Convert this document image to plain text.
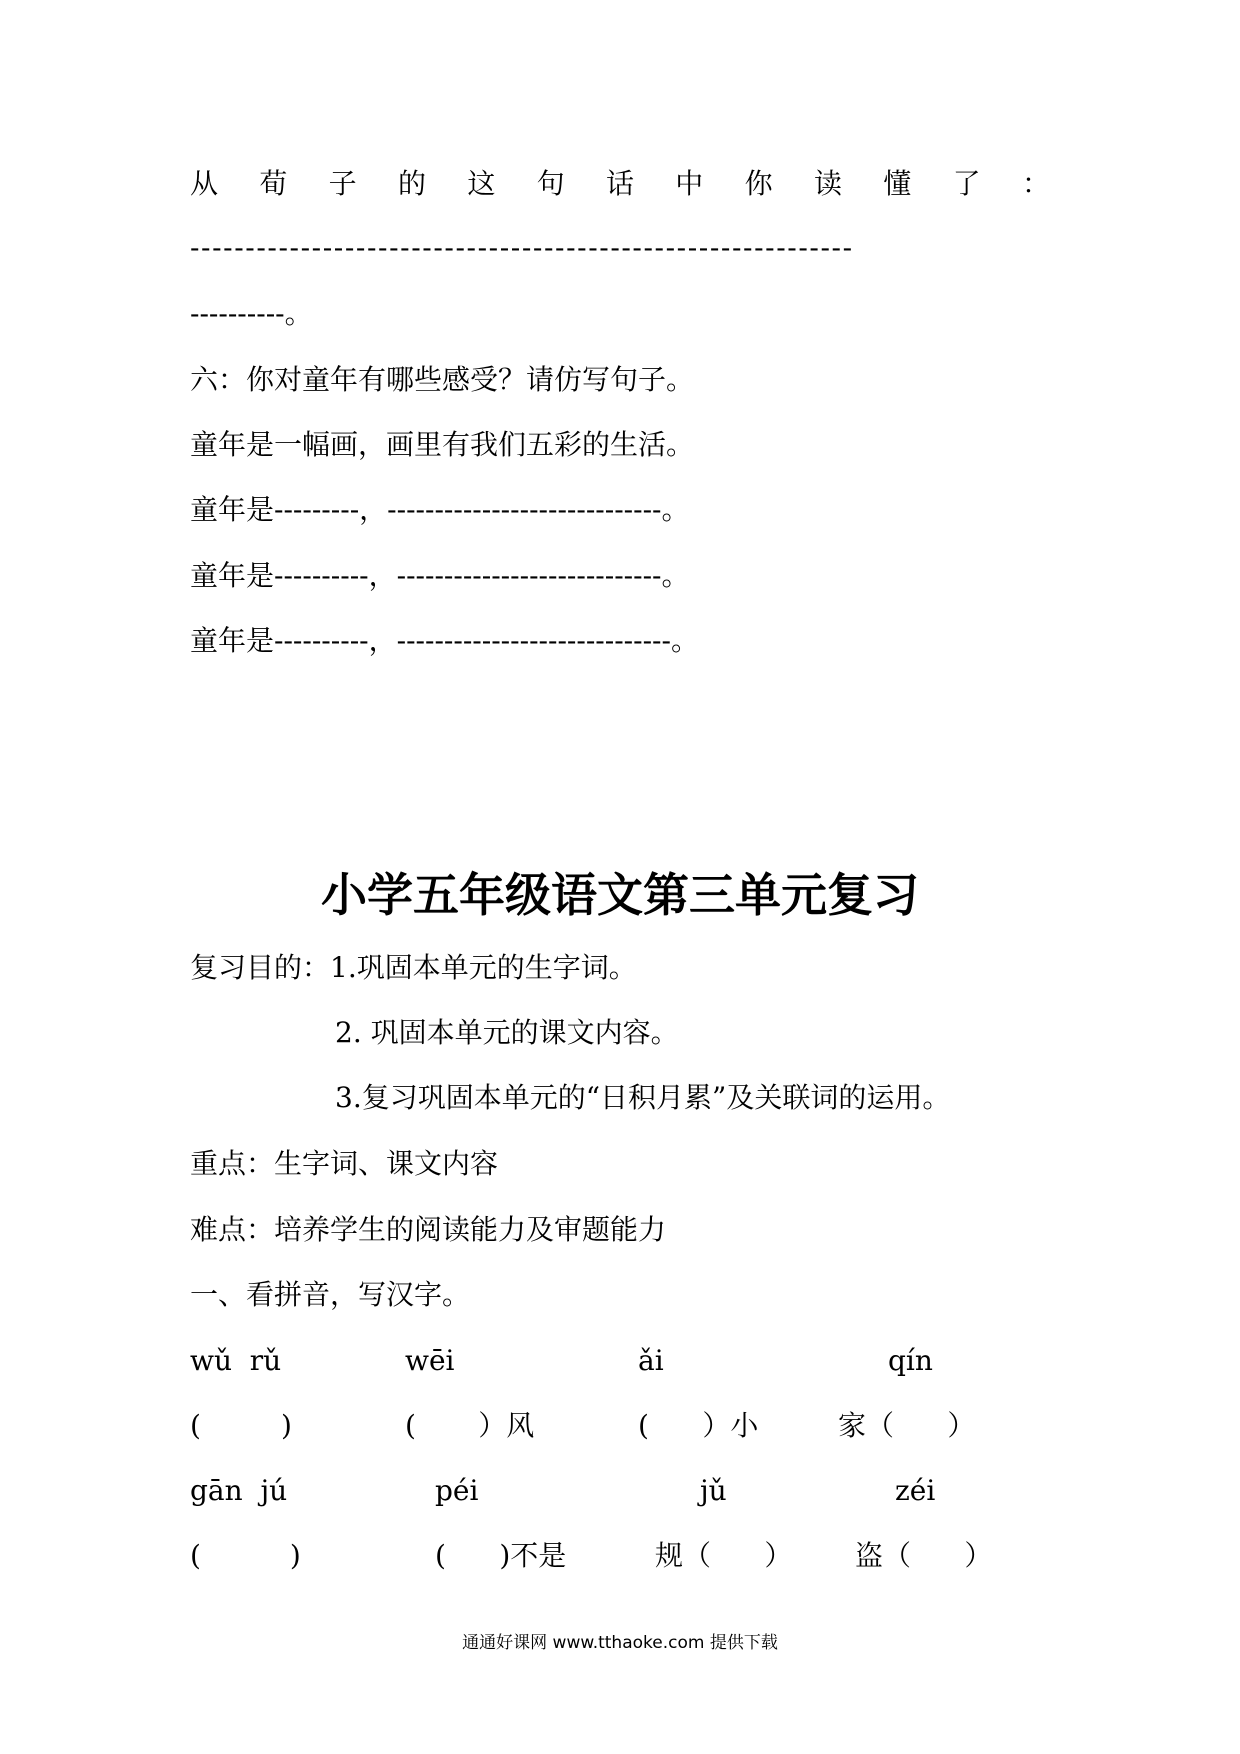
从 荀 子 的 这 句 话 中 你 读 懂 了 ：
------------------------------------------------------------
----------。
六：你对童年有哪些感受？请仿写句子。
童年是一幅画，画里有我们五彩的生活。
童年是---------，-----------------------------。
童年是----------，----------------------------。
童年是----------，-----------------------------。
小学五年级语文第三单元复习
复习目的：1.巩固本单元的生字词。
2. 巩固本单元的课文内容。
3.复习巩固本单元的“日积月累”及关联词的运用。
重点：生字词、课文内容
难点：培养学生的阅读能力及审题能力
一、看拼音，写汉字。
wǔ  rǔ	wēi	ǎi	qín
(         )	(       ）风	(      ）小	家（      ）
gān  jú	péi	jǔ	zéi
(          )	(      )不是	规（      ） 盗（      ）
通通好课网 www.tthaoke.com 提供下载
